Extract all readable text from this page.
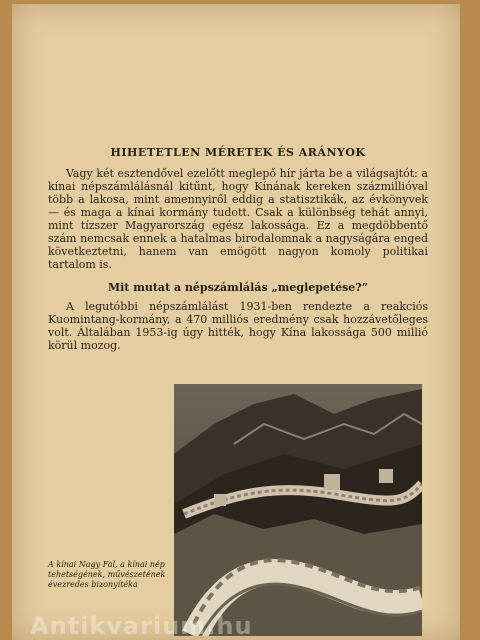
HIHETETLEN MÉRETEK ÉS ARÁNYOK

Vagy két esztendővel ezelőtt meglepő hír járta be a világsajtót: a kínai népszámlálásnál kitűnt, hogy Kínának kereken százmillióval több a lakosa, mint amennyiről eddig a statisztikák, az évkönyvek — és maga a kínai kormány tudott. Csak a különbség tehát annyi, mint tízszer Magyarország egész lakossága. Ez a megdöbbentő szám nemcsak ennek a hatalmas birodalomnak a nagyságára enged következtetni, hanem van emögött nagyon komoly politikai tartalom is.

Mit mutat a népszámlálás „meglepetése?”

A legutóbbi népszámlálást 1931-ben rendezte a reakciós Kuomintang-kormány, a 470 milliós eredmény csak hozzávetőleges volt. Általában 1953-ig úgy hitték, hogy Kína lakossága 500 millió körül mozog.

A kínai Nagy Fal, a kínai nép tehetségének, művészetének évezredes bizonyítéka
Antikvarium.hu
